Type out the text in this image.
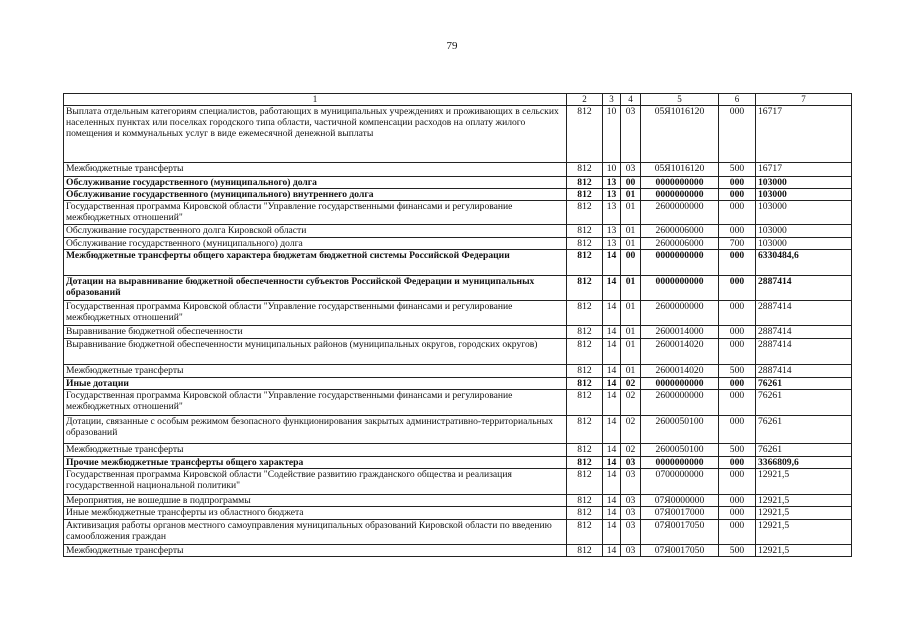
79
1	2	3	4	5	6	7
Выплата отдельным категориям специалистов, работающих в муниципальных учреждениях и проживающих в сельских населенных пунктах или поселках городского типа области, частичной компенсации расходов на оплату жилого помещения и коммунальных услуг в виде ежемесячной денежной выплаты	812	10	03	05Я1016120	000	16717
Межбюджетные трансферты	812	10	03	05Я1016120	500	16717
Обслуживание государственного (муниципального) долга	812	13	00	0000000000	000	103000
Обслуживание государственного (муниципального) внутреннего долга	812	13	01	0000000000	000	103000
Государственная программа Кировской области "Управление государственными финансами и регулирование межбюджетных отношений"	812	13	01	2600000000	000	103000
Обслуживание государственного долга Кировской области	812	13	01	2600006000	000	103000
Обслуживание государственного (муниципального) долга	812	13	01	2600006000	700	103000
Межбюджетные трансферты общего характера бюджетам бюджетной системы Российской Федерации	812	14	00	0000000000	000	6330484,6
Дотации на выравнивание бюджетной обеспеченности субъектов Российской Федерации и муниципальных образований	812	14	01	0000000000	000	2887414
Государственная программа Кировской области "Управление государственными финансами и регулирование межбюджетных отношений"	812	14	01	2600000000	000	2887414
Выравнивание бюджетной обеспеченности	812	14	01	2600014000	000	2887414
Выравнивание бюджетной обеспеченности муниципальных районов (муниципальных округов, городских округов)	812	14	01	2600014020	000	2887414
Межбюджетные трансферты	812	14	01	2600014020	500	2887414
Иные дотации	812	14	02	0000000000	000	76261
Государственная программа Кировской области "Управление государственными финансами и регулирование межбюджетных отношений"	812	14	02	2600000000	000	76261
Дотации, связанные с особым режимом безопасного функционирования закрытых административно-территориальных образований	812	14	02	2600050100	000	76261
Межбюджетные трансферты	812	14	02	2600050100	500	76261
Прочие межбюджетные трансферты общего характера	812	14	03	0000000000	000	3366809,6
Государственная программа Кировской области "Содействие развитию гражданского общества и реализация государственной национальной политики"	812	14	03	0700000000	000	12921,5
Мероприятия, не вошедшие в подпрограммы	812	14	03	07Я0000000	000	12921,5
Иные межбюджетные трансферты из областного бюджета	812	14	03	07Я0017000	000	12921,5
Активизация работы органов местного самоуправления муниципальных образований Кировской области по введению самообложения граждан	812	14	03	07Я0017050	000	12921,5
Межбюджетные трансферты	812	14	03	07Я0017050	500	12921,5
